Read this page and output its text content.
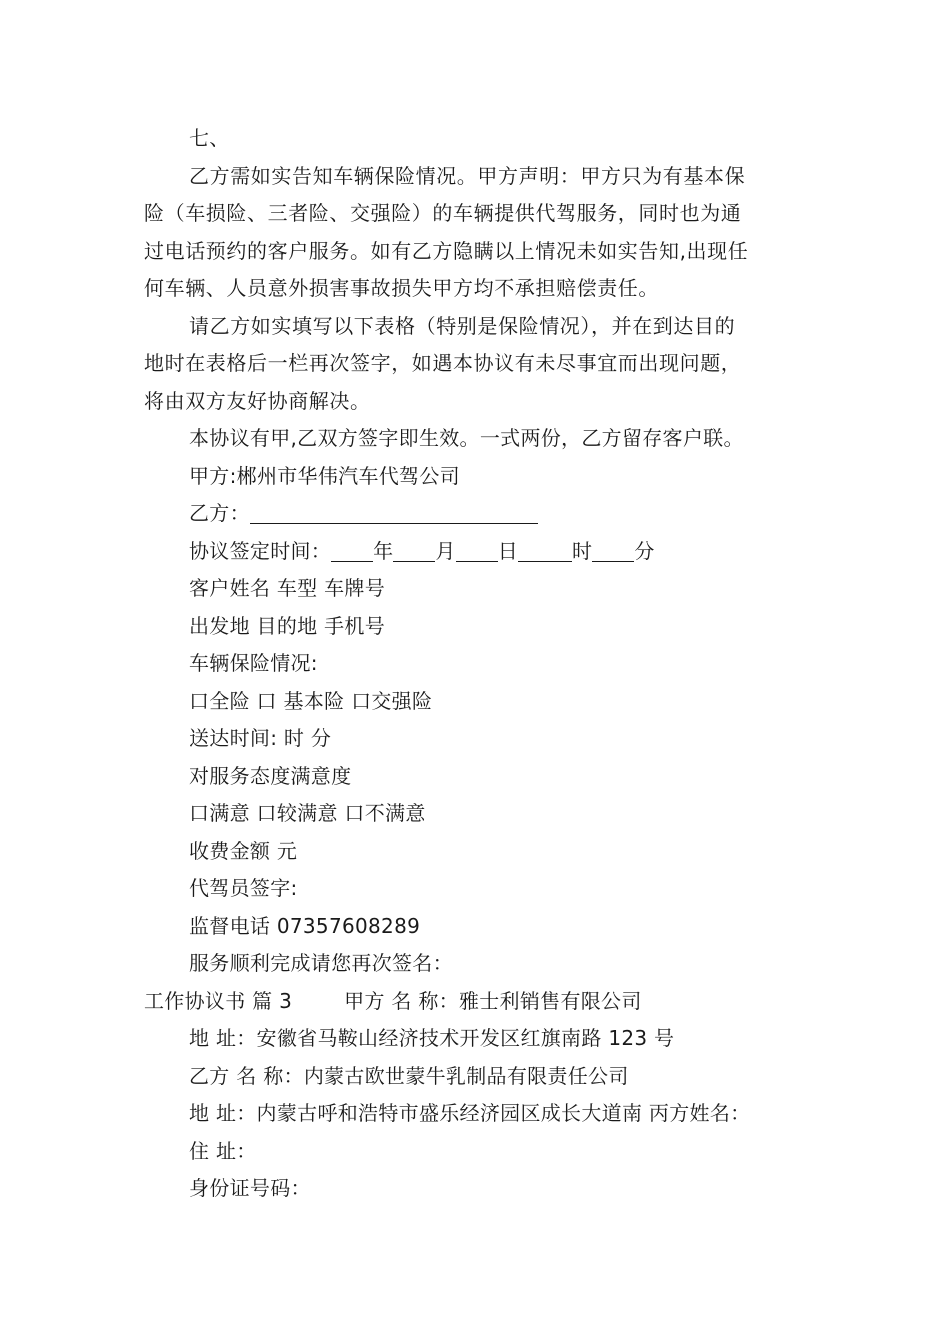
七、
乙方需如实告知车辆保险情况。甲方声明：甲方只为有基本保
险（车损险、三者险、交强险）的车辆提供代驾服务，同时也为通
过电话预约的客户服务。如有乙方隐瞒以上情况未如实告知,出现任
何车辆、人员意外损害事故损失甲方均不承担赔偿责任。
请乙方如实填写以下表格（特别是保险情况），并在到达目的
地时在表格后一栏再次签字，如遇本协议有未尽事宜而出现问题，
将由双方友好协商解决。
本协议有甲,乙双方签字即生效。一式两份，乙方留存客户联。
甲方:郴州市华伟汽车代驾公司
乙方：
协议签定时间： 年 月 日	时 分
客户姓名 车型 车牌号
出发地 目的地 手机号
车辆保险情况:
口全险 口 基本险 口交强险
送达时间: 时 分
对服务态度满意度
口满意 口较满意 口不满意
收费金额 元
代驾员签字:
监督电话 07357608289
服务顺利完成请您再次签名：
工作协议书 篇 3	甲方 名 称：雅士利销售有限公司
地 址：安徽省马鞍山经济技术开发区红旗南路 123 号
乙方 名 称：内蒙古欧世蒙牛乳制品有限责任公司
地 址：内蒙古呼和浩特市盛乐经济园区成长大道南 丙方姓名：
住 址：
身份证号码：
